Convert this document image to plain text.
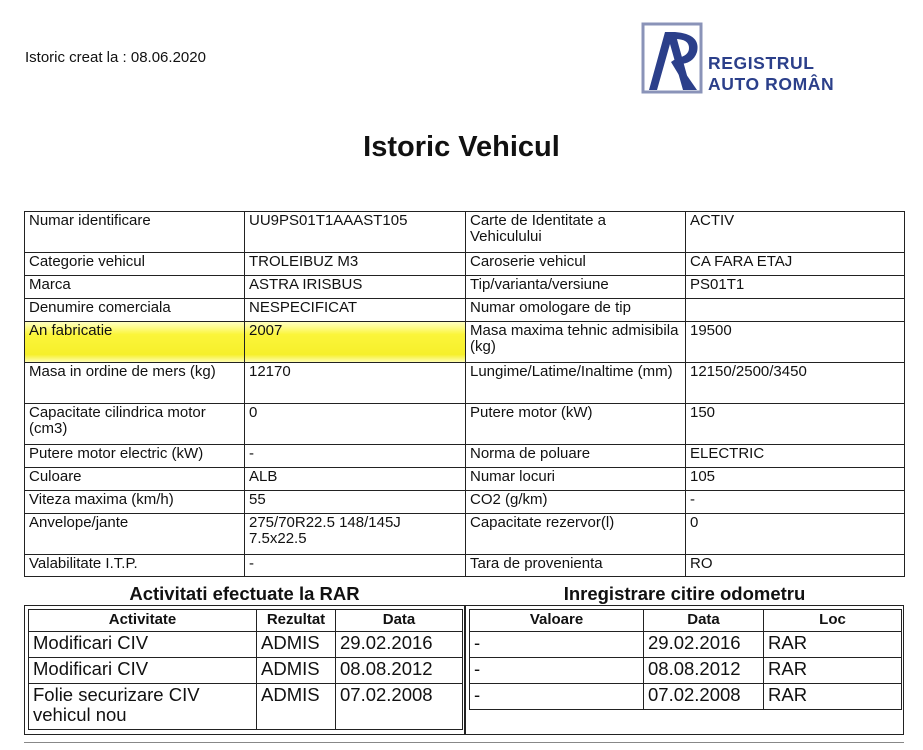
Istoric creat la : 08.06.2020	REGISTRUL
AUTO ROMÂN
Istoric Vehicul
Numar identificare	UU9PS01T1AAAST105	Carte de Identitate a Vehiculului	ACTIV
Categorie vehicul	TROLEIBUZ M3	Caroserie vehicul	CA FARA ETAJ
Marca	ASTRA IRISBUS	Tip/varianta/versiune	PS01T1
Denumire comerciala	NESPECIFICAT	Numar omologare de tip	
An fabricatie	2007	Masa maxima tehnic admisibila (kg)	19500
Masa in ordine de mers (kg)	12170	Lungime/Latime/Inaltime (mm)	12150/2500/3450
Capacitate cilindrica motor (cm3)	0	Putere motor (kW)	150
Putere motor electric (kW)	-	Norma de poluare	ELECTRIC
Culoare	ALB	Numar locuri	105
Viteza maxima (km/h)	55	CO2 (g/km)	-
Anvelope/jante	275/70R22.5 148/145J 7.5x22.5	Capacitate rezervor(l)	0
Valabilitate I.T.P.	-	Tara de provenienta	RO
Activitati efectuate la RAR	Inregistrare citire odometru
Activitate	Rezultat	Data
Modificari CIV	ADMIS	29.02.2016
Modificari CIV	ADMIS	08.08.2012
Folie securizare CIV vehicul nou	ADMIS	07.02.2008
Valoare	Data	Loc
-	29.02.2016	RAR
-	08.08.2012	RAR
-	07.02.2008	RAR
